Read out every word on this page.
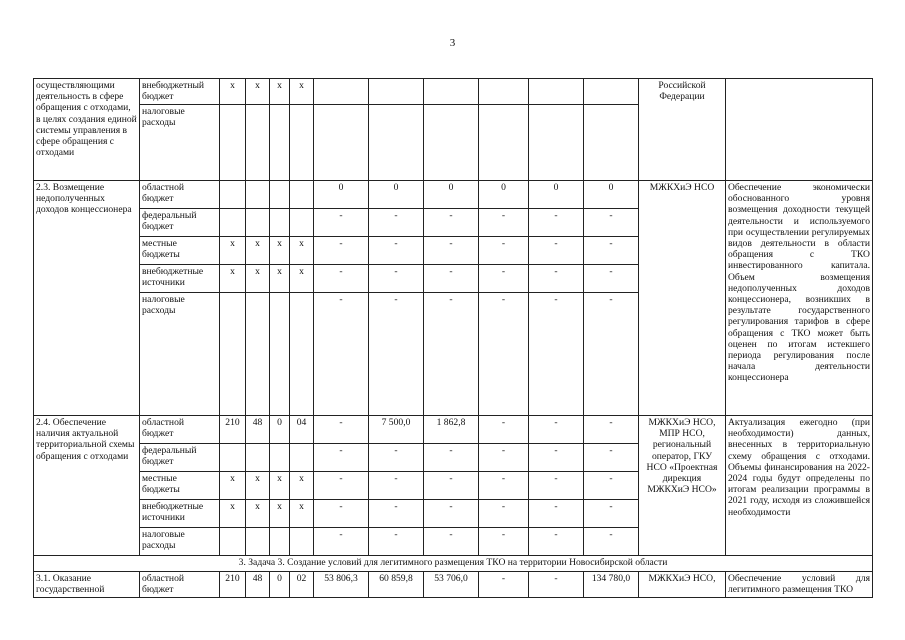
3
осуществляющими деятельность в сфере обращения с отходами, в целях создания единой системы управления в сфере обращения с отходами	внебюджетный бюджет	x	x	x	x							Российской Федерации	
	налоговые расходы												
2.3. Возмещение недополученных доходов концессионера	областной бюджет					0	0	0	0	0	0	МЖКХиЭ НСО	Обеспечение экономически обоснованного уровня возмещения доходности текущей деятельности и используемого при осуществлении регулируемых видов деятельности в области обращения с ТКО инвестированного капитала. Объем возмещения недополученных доходов концессионера, возникших в результате государственного регулирования тарифов в сфере обращения с ТКО может быть оценен по итогам истекшего периода регулирования после начала деятельности концессионера
	федеральный бюджет					-	-	-	-	-	-		
	местные бюджеты	x	x	x	x	-	-	-	-	-	-		
	внебюджетные источники	x	x	x	x	-	-	-	-	-	-		
	налоговые расходы					-	-	-	-	-	-		
2.4. Обеспечение наличия актуальной территориальной схемы обращения с отходами	областной бюджет	210	48	0	04	-	7 500,0	1 862,8	-	-	-	МЖКХиЭ НСО, МПР НСО, региональный оператор, ГКУ НСО «Проектная дирекция МЖКХиЭ НСО»	Актуализация ежегодно (при необходимости) данных, внесенных в территориальную схему обращения с отходами. Объемы финансирования на 2022-2024 годы будут определены по итогам реализации программы в 2021 году, исходя из сложившейся необходимости
	федеральный бюджет					-	-	-	-	-	-		
	местные бюджеты	x	x	x	x	-	-	-	-	-	-		
	внебюджетные источники	x	x	x	x	-	-	-	-	-	-		
	налоговые расходы					-	-	-	-	-	-		
3. Задача 3. Создание условий для легитимного размещения ТКО на территории Новосибирской области													
3.1. Оказание государственной	областной бюджет	210	48	0	02	53 806,3	60 859,8	53 706,0	-	-	134 780,0	МЖКХиЭ НСО,	Обеспечение условий для легитимного размещения ТКО
